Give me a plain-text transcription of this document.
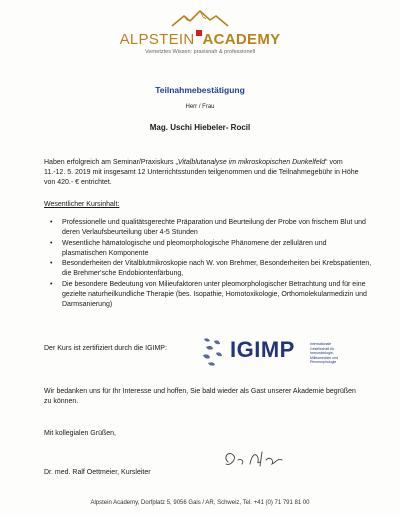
ALPSTEIN ACADEMY
Vernetztes Wissen: praxisnah & professionell
Teilnahmebestätigung
Herr / Frau
Mag. Uschi Hiebeler- Rocil
Haben erfolgreich am Seminar/Praxiskurs „Vitalblutanalyse im mikroskopischen Dunkelfeld“ vom 11.-12. 5. 2019 mit insgesamt 12 Unterrichtsstunden teilgenommen und die Teilnahmegebühr in Höhe von 420.- € entrichtet.
Wesentlicher Kursinhalt:
• Professionelle und qualitätsgerechte Präparation und Beurteilung der Probe von frischem Blut und deren Verlaufsbeurteilung über 4-5 Stunden
• Wesentliche hämatologische und pleomorphologische Phänomene der zellulären und plasmatischen Komponente
• Besonderheiten der Vitalblutmikroskopie nach W. von Brehmer, Besonderheiten bei Krebspatienten, die Brehmer'sche Endobiontenfärbung,
• Die besondere Bedeutung von Milieufaktoren unter pleomorphologischer Betrachtung und für eine gezielte naturheilkundliche Therapie (bes. Isopathie, Homotoxikologie, Orthomolekularmedizin und Darmsanierung)
Der Kurs ist zertifiziert durch die IGIMP:	IGIMP	Internationale Gesellschaft für Immunbiologie, Milieumedizin und Pleomorphologie
Wir bedanken uns für Ihr Interesse und hoffen, Sie bald wieder als Gast unserer Akademie begrüßen zu können.
Mit kollegialen Grüßen,
Dr. med. Ralf Oettmeier, Kursleiter
Alpstein Academy, Dorfplatz 5, 9056 Gais / AR, Schweiz, Tel. +41 (0) 71 791 81 00
